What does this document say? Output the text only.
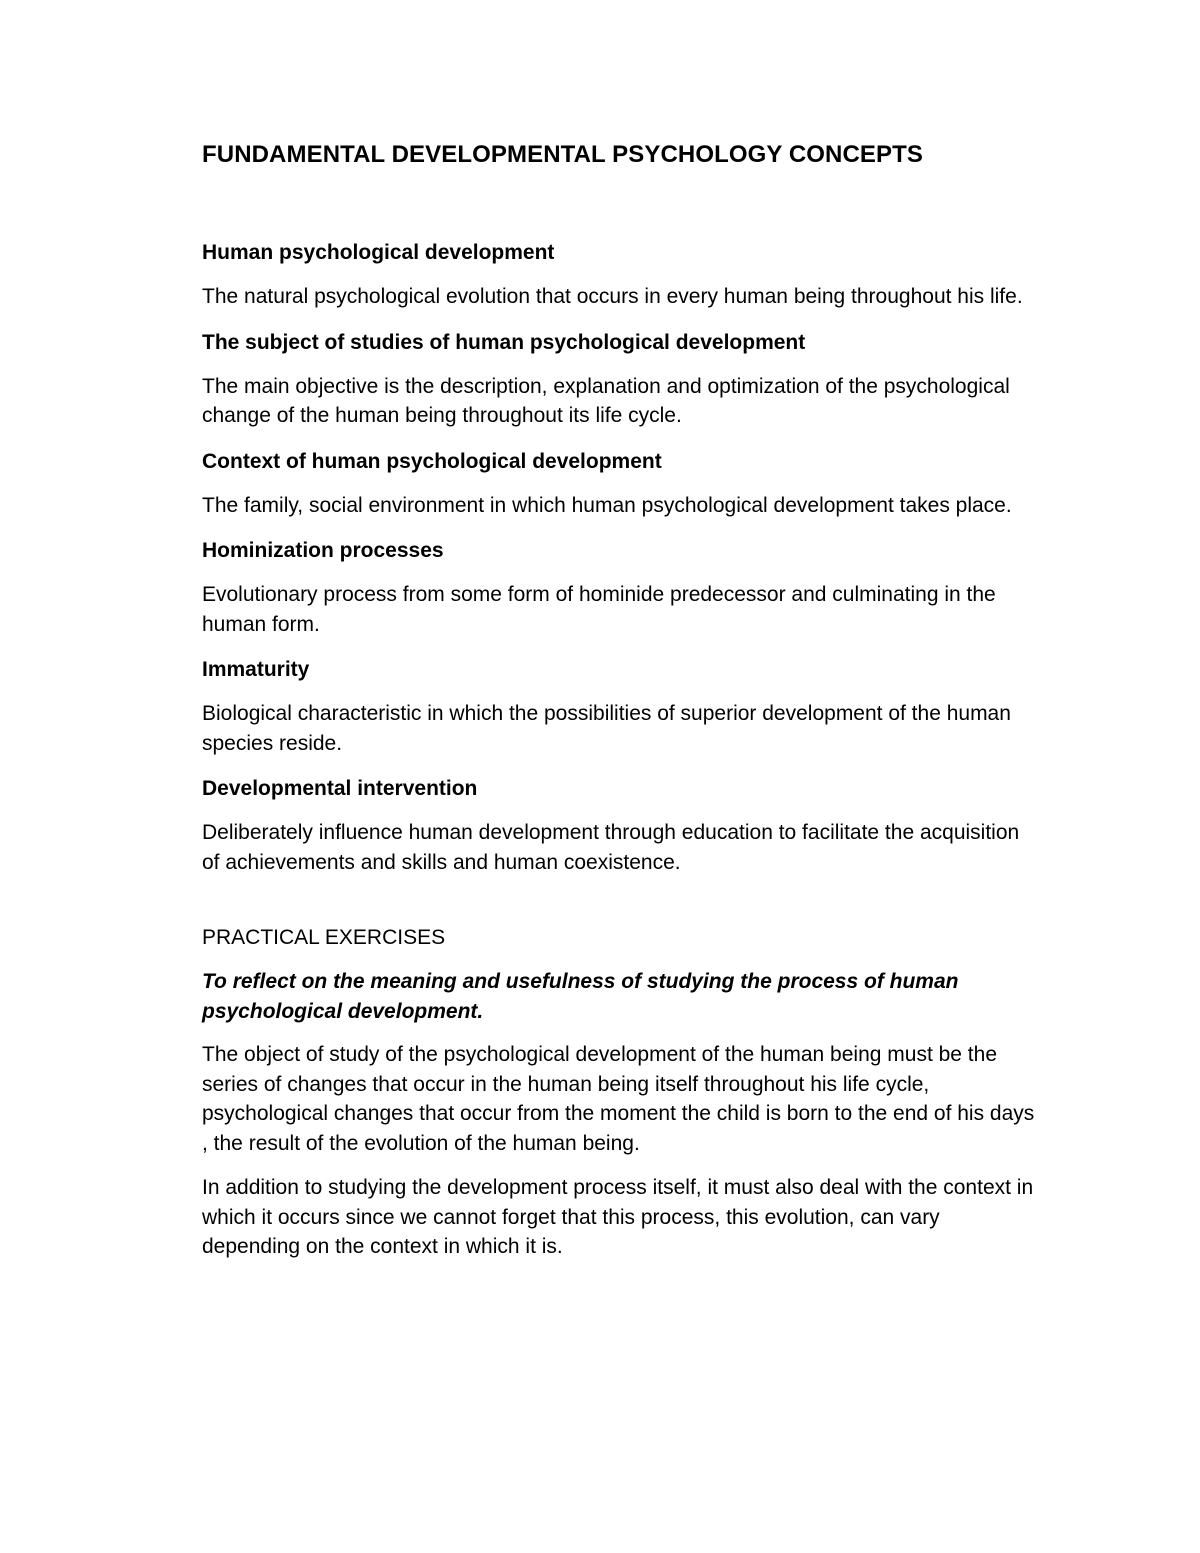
FUNDAMENTAL DEVELOPMENTAL PSYCHOLOGY CONCEPTS

Human psychological development

The natural psychological evolution that occurs in every human being throughout his life.

The subject of studies of human psychological development

The main objective is the description, explanation and optimization of the psychological change of the human being throughout its life cycle.

Context of human psychological development

The family, social environment in which human psychological development takes place.

Hominization processes

Evolutionary process from some form of hominide predecessor and culminating in the human form.

Immaturity

Biological characteristic in which the possibilities of superior development of the human species reside.

Developmental intervention

Deliberately influence human development through education to facilitate the acquisition of achievements and skills and human coexistence.

PRACTICAL EXERCISES

To reflect on the meaning and usefulness of studying the process of human psychological development.

The object of study of the psychological development of the human being must be the series of changes that occur in the human being itself throughout his life cycle, psychological changes that occur from the moment the child is born to the end of his days , the result of the evolution of the human being.

In addition to studying the development process itself, it must also deal with the context in which it occurs since we cannot forget that this process, this evolution, can vary depending on the context in which it is.
